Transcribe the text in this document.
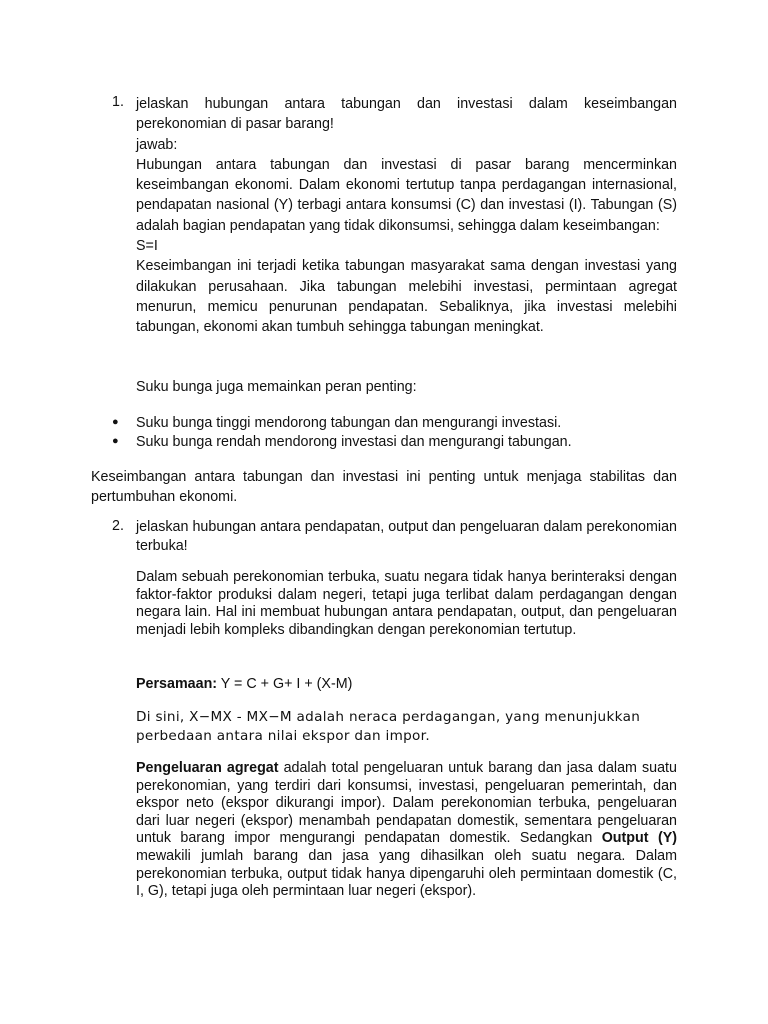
1. jelaskan hubungan antara tabungan dan investasi dalam keseimbangan perekonomian di pasar barang!

jawab:

Hubungan antara tabungan dan investasi di pasar barang mencerminkan keseimbangan ekonomi. Dalam ekonomi tertutup tanpa perdagangan internasional, pendapatan nasional (Y) terbagi antara konsumsi (C) dan investasi (I). Tabungan (S) adalah bagian pendapatan yang tidak dikonsumsi, sehingga dalam keseimbangan:

S=I

Keseimbangan ini terjadi ketika tabungan masyarakat sama dengan investasi yang dilakukan perusahaan. Jika tabungan melebihi investasi, permintaan agregat menurun, memicu penurunan pendapatan. Sebaliknya, jika investasi melebihi tabungan, ekonomi akan tumbuh sehingga tabungan meningkat.

Suku bunga juga memainkan peran penting:

● Suku bunga tinggi mendorong tabungan dan mengurangi investasi.

● Suku bunga rendah mendorong investasi dan mengurangi tabungan.

Keseimbangan antara tabungan dan investasi ini penting untuk menjaga stabilitas dan pertumbuhan ekonomi.

2. jelaskan hubungan antara pendapatan, output dan pengeluaran dalam perekonomian terbuka!

Dalam sebuah perekonomian terbuka, suatu negara tidak hanya berinteraksi dengan faktor-faktor produksi dalam negeri, tetapi juga terlibat dalam perdagangan dengan negara lain. Hal ini membuat hubungan antara pendapatan, output, dan pengeluaran menjadi lebih kompleks dibandingkan dengan perekonomian tertutup.

Persamaan: Y = C + G+ I + (X-M)

Di sini, X−MX - MX−M adalah neraca perdagangan, yang menunjukkan perbedaan antara nilai ekspor dan impor.

Pengeluaran agregat adalah total pengeluaran untuk barang dan jasa dalam suatu perekonomian, yang terdiri dari konsumsi, investasi, pengeluaran pemerintah, dan ekspor neto (ekspor dikurangi impor). Dalam perekonomian terbuka, pengeluaran dari luar negeri (ekspor) menambah pendapatan domestik, sementara pengeluaran untuk barang impor mengurangi pendapatan domestik. Sedangkan Output (Y) mewakili jumlah barang dan jasa yang dihasilkan oleh suatu negara. Dalam perekonomian terbuka, output tidak hanya dipengaruhi oleh permintaan domestik (C, I, G), tetapi juga oleh permintaan luar negeri (ekspor).
